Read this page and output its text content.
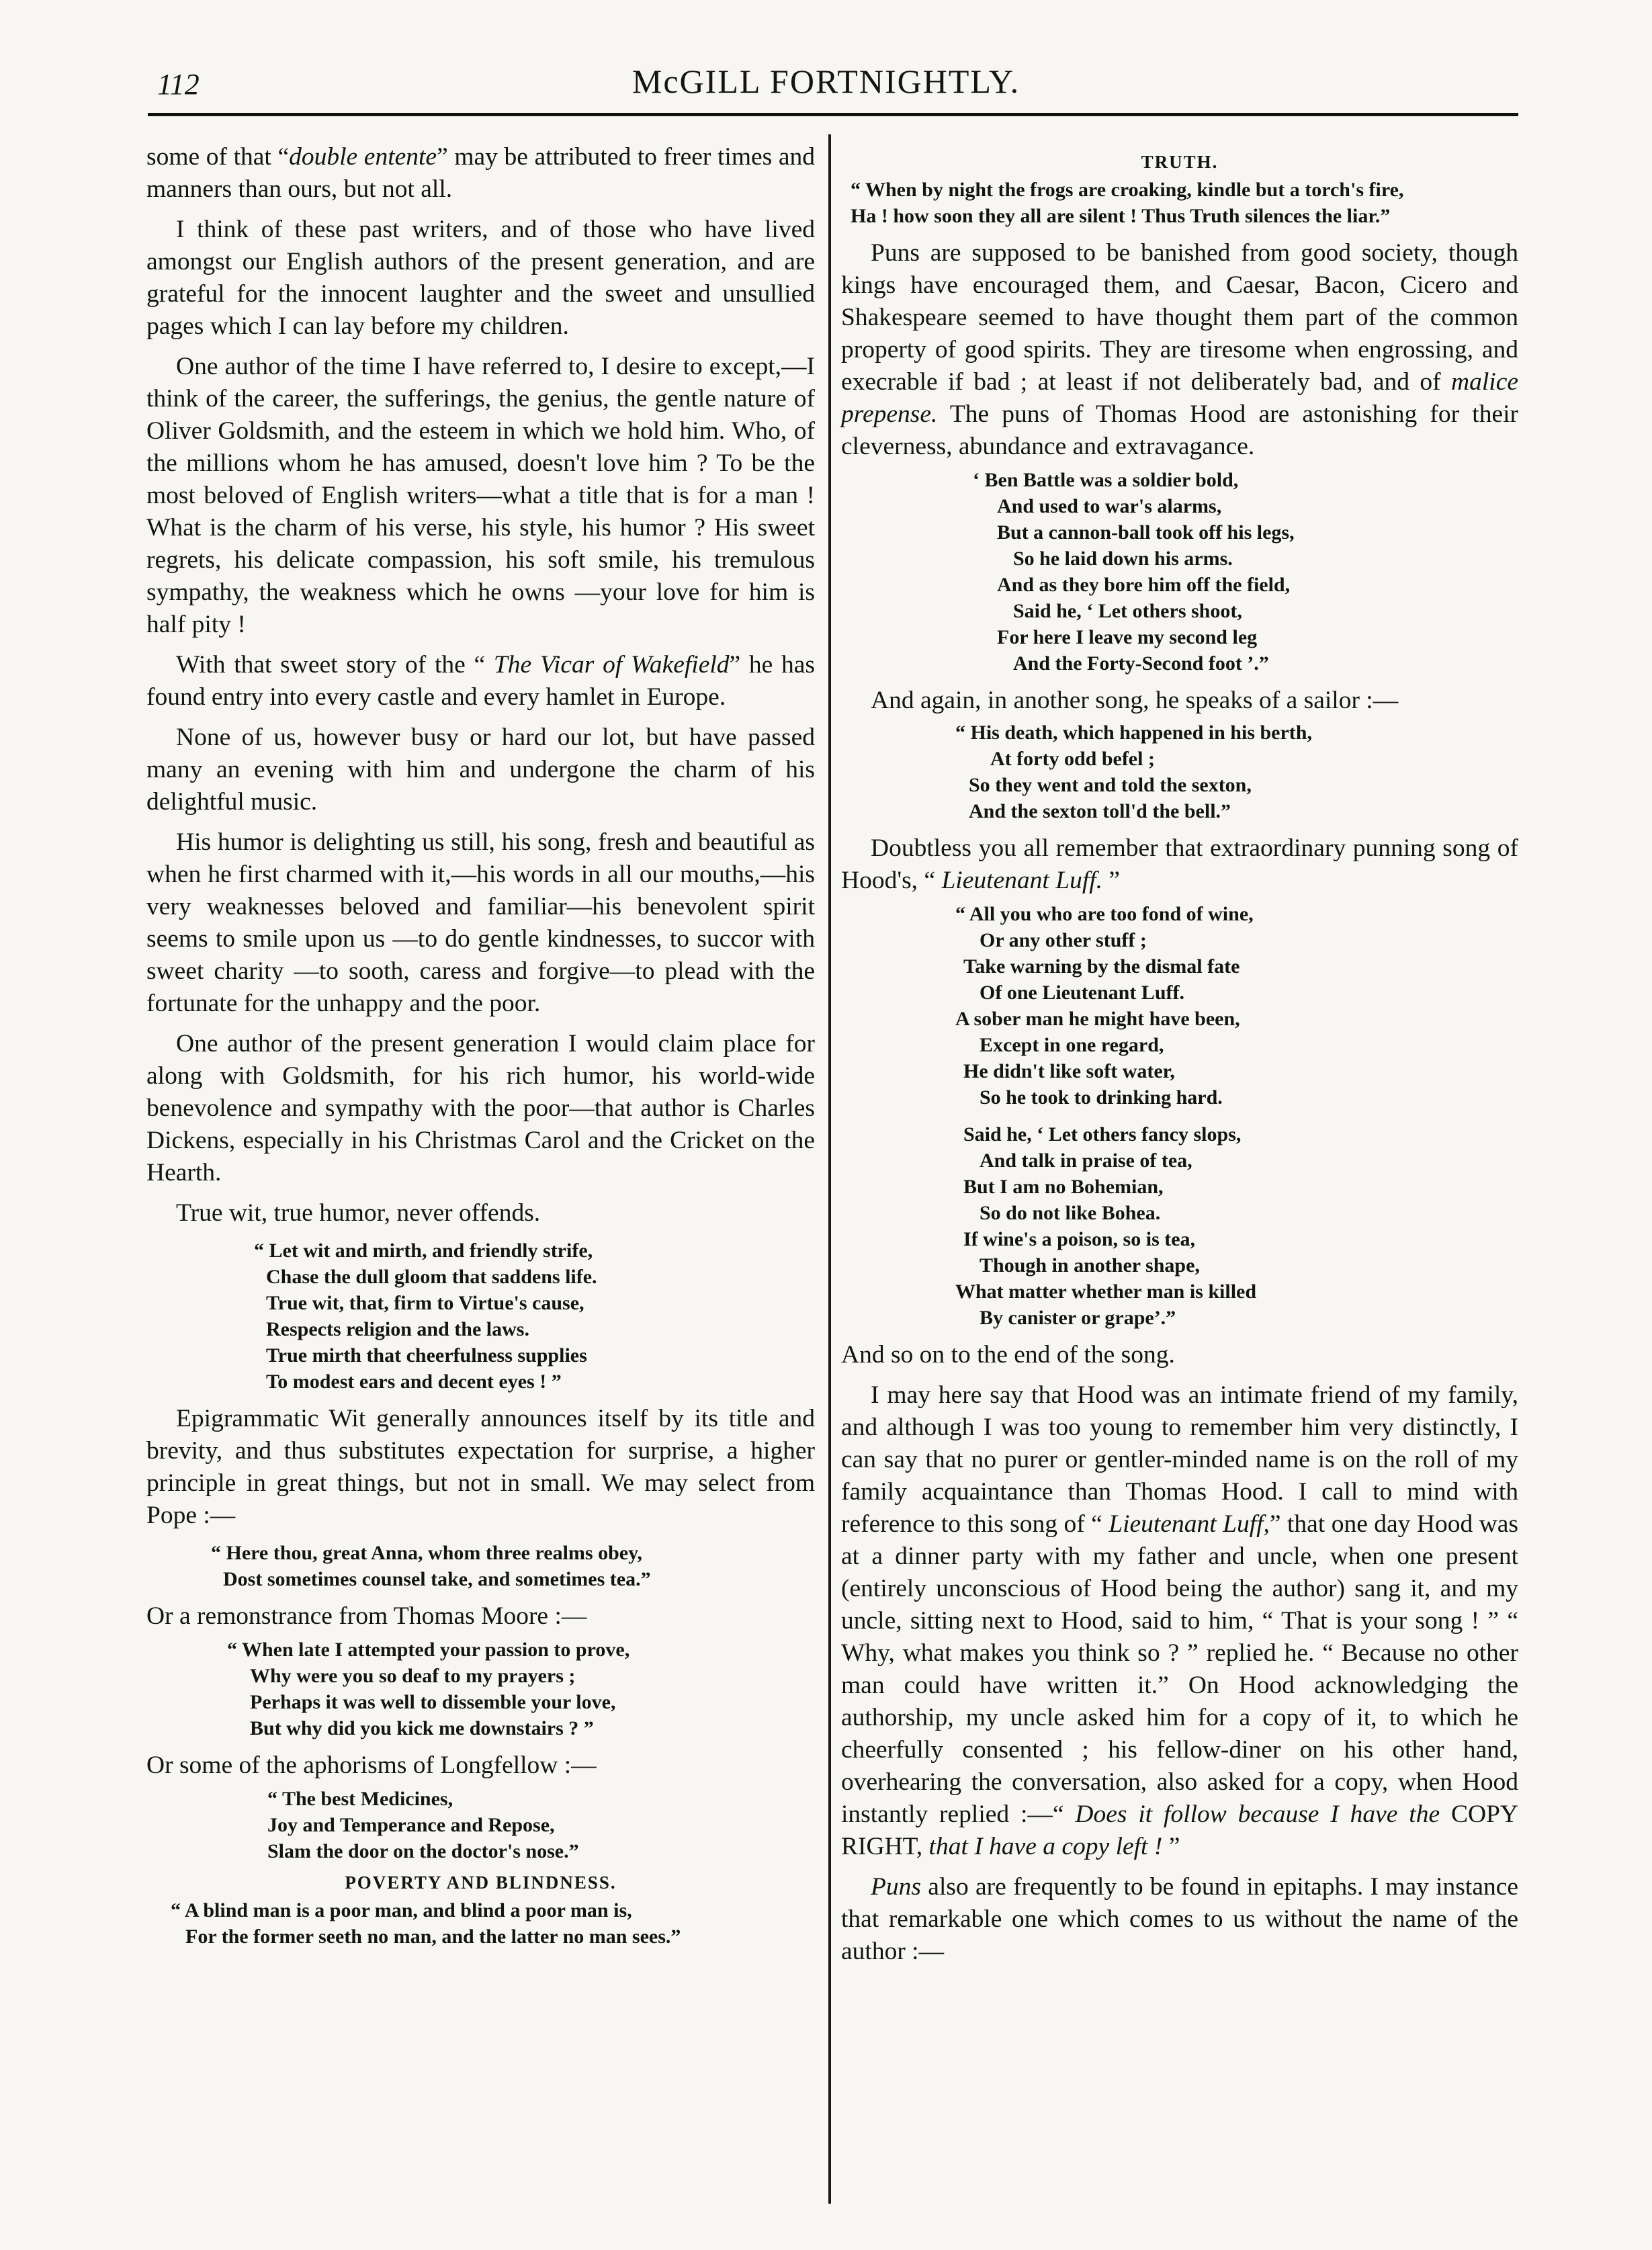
112	McGILL FORTNIGHTLY.

some of that “double entente” may be attributed to freer times and manners than ours, but not all.

I think of these past writers, and of those who have lived amongst our English authors of the present generation, and are grateful for the innocent laughter and the sweet and unsullied pages which I can lay before my children.

One author of the time I have referred to, I desire to except,—I think of the career, the sufferings, the genius, the gentle nature of Oliver Goldsmith, and the esteem in which we hold him. Who, of the millions whom he has amused, doesn't love him ? To be the most beloved of English writers—what a title that is for a man ! What is the charm of his verse, his style, his humor ? His sweet regrets, his delicate compassion, his soft smile, his tremulous sympathy, the weakness which he owns —your love for him is half pity !

With that sweet story of the “ The Vicar of Wakefield” he has found entry into every castle and every hamlet in Europe.

None of us, however busy or hard our lot, but have passed many an evening with him and undergone the charm of his delightful music.

His humor is delighting us still, his song, fresh and beautiful as when he first charmed with it,—his words in all our mouths,—his very weaknesses beloved and familiar—his benevolent spirit seems to smile upon us —to do gentle kindnesses, to succor with sweet charity —to sooth, caress and forgive—to plead with the fortunate for the unhappy and the poor.

One author of the present generation I would claim place for along with Goldsmith, for his rich humor, his world-wide benevolence and sympathy with the poor—that author is Charles Dickens, especially in his Christmas Carol and the Cricket on the Hearth.

True wit, true humor, never offends.

“ Let wit and mirth, and friendly strife,
Chase the dull gloom that saddens life.
True wit, that, firm to Virtue's cause,
Respects religion and the laws.
True mirth that cheerfulness supplies
To modest ears and decent eyes ! ”

Epigrammatic Wit generally announces itself by its title and brevity, and thus substitutes expectation for surprise, a higher principle in great things, but not in small. We may select from Pope :—

“ Here thou, great Anna, whom three realms obey,
Dost sometimes counsel take, and sometimes tea.”

Or a remonstrance from Thomas Moore :—

“ When late I attempted your passion to prove,
Why were you so deaf to my prayers ;
Perhaps it was well to dissemble your love,
But why did you kick me downstairs ? ”

Or some of the aphorisms of Longfellow :—

“ The best Medicines,
Joy and Temperance and Repose,
Slam the door on the doctor's nose.”
POVERTY AND BLINDNESS.
“ A blind man is a poor man, and blind a poor man is,
For the former seeth no man, and the latter no man sees.”
TRUTH.
“ When by night the frogs are croaking, kindle but a torch's fire,
Ha ! how soon they all are silent ! Thus Truth silences the liar.”

Puns are supposed to be banished from good society, though kings have encouraged them, and Caesar, Bacon, Cicero and Shakespeare seemed to have thought them part of the common property of good spirits. They are tiresome when engrossing, and execrable if bad ; at least if not deliberately bad, and of malice prepense. The puns of Thomas Hood are astonishing for their cleverness, abundance and extravagance.

‘ Ben Battle was a soldier bold,
And used to war's alarms,
But a cannon-ball took off his legs,
So he laid down his arms.
And as they bore him off the field,
Said he, ‘ Let others shoot,
For here I leave my second leg
And the Forty-Second foot ’.”

And again, in another song, he speaks of a sailor :—

“ His death, which happened in his berth,
At forty odd befel ;
So they went and told the sexton,
And the sexton toll'd the bell.”

Doubtless you all remember that extraordinary punning song of Hood's, “ Lieutenant Luff. ”

“ All you who are too fond of wine,
Or any other stuff ;
Take warning by the dismal fate
Of one Lieutenant Luff.
A sober man he might have been,
Except in one regard,
He didn't like soft water,
So he took to drinking hard.
Said he, ‘ Let others fancy slops,
And talk in praise of tea,
But I am no Bohemian,
So do not like Bohea.
If wine's a poison, so is tea,
Though in another shape,
What matter whether man is killed
By canister or grape’.”

And so on to the end of the song.

I may here say that Hood was an intimate friend of my family, and although I was too young to remember him very distinctly, I can say that no purer or gentler-minded name is on the roll of my family acquaintance than Thomas Hood. I call to mind with reference to this song of “ Lieutenant Luff,” that one day Hood was at a dinner party with my father and uncle, when one present (entirely unconscious of Hood being the author) sang it, and my uncle, sitting next to Hood, said to him, “ That is your song ! ” “ Why, what makes you think so ? ” replied he. “ Because no other man could have written it.” On Hood acknowledging the authorship, my uncle asked him for a copy of it, to which he cheerfully consented ; his fellow-diner on his other hand, overhearing the conversation, also asked for a copy, when Hood instantly replied :—“ Does it follow because I have the COPY RIGHT, that I have a copy left ! ”

Puns also are frequently to be found in epitaphs. I may instance that remarkable one which comes to us without the name of the author :—
